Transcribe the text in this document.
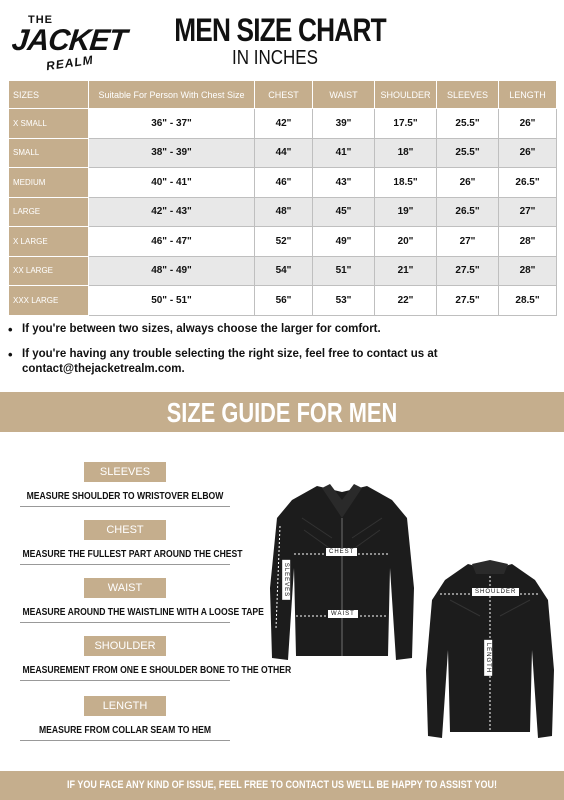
THE
JACKET
REALM
MEN SIZE CHART
IN INCHES
SIZES	Suitable For Person With Chest Size	CHEST	WAIST	SHOULDER	SLEEVES	LENGTH
X SMALL	36" - 37"	42"	39"	17.5"	25.5"	26"
SMALL	38" - 39"	44"	41"	18"	25.5"	26"
MEDIUM	40" - 41"	46"	43"	18.5"	26"	26.5"
LARGE	42" - 43"	48"	45"	19"	26.5"	27"
X LARGE	46" - 47"	52"	49"	20"	27"	28"
XX LARGE	48" - 49"	54"	51"	21"	27.5"	28"
XXX LARGE	50" - 51"	56"	53"	22"	27.5"	28.5"
• If you're between two sizes, always choose the larger for comfort.
• If you're having any trouble selecting the right size, feel free to contact us at contact@thejacketrealm.com.
SIZE GUIDE FOR MEN
SLEEVES
MEASURE SHOULDER TO WRISTOVER ELBOW
CHEST
MEASURE THE FULLEST PART AROUND THE CHEST
WAIST
MEASURE AROUND THE WAISTLINE WITH A LOOSE TAPE
SHOULDER
MEASUREMENT FROM ONE E SHOULDER BONE TO THE OTHER
LENGTH
MEASURE FROM COLLAR SEAM TO HEM
CHEST
WAIST
SLEEVES	SHOULDER
LENGTH
IF YOU FACE ANY KIND OF ISSUE, FEEL FREE TO CONTACT US WE'LL BE HAPPY TO ASSIST YOU!
